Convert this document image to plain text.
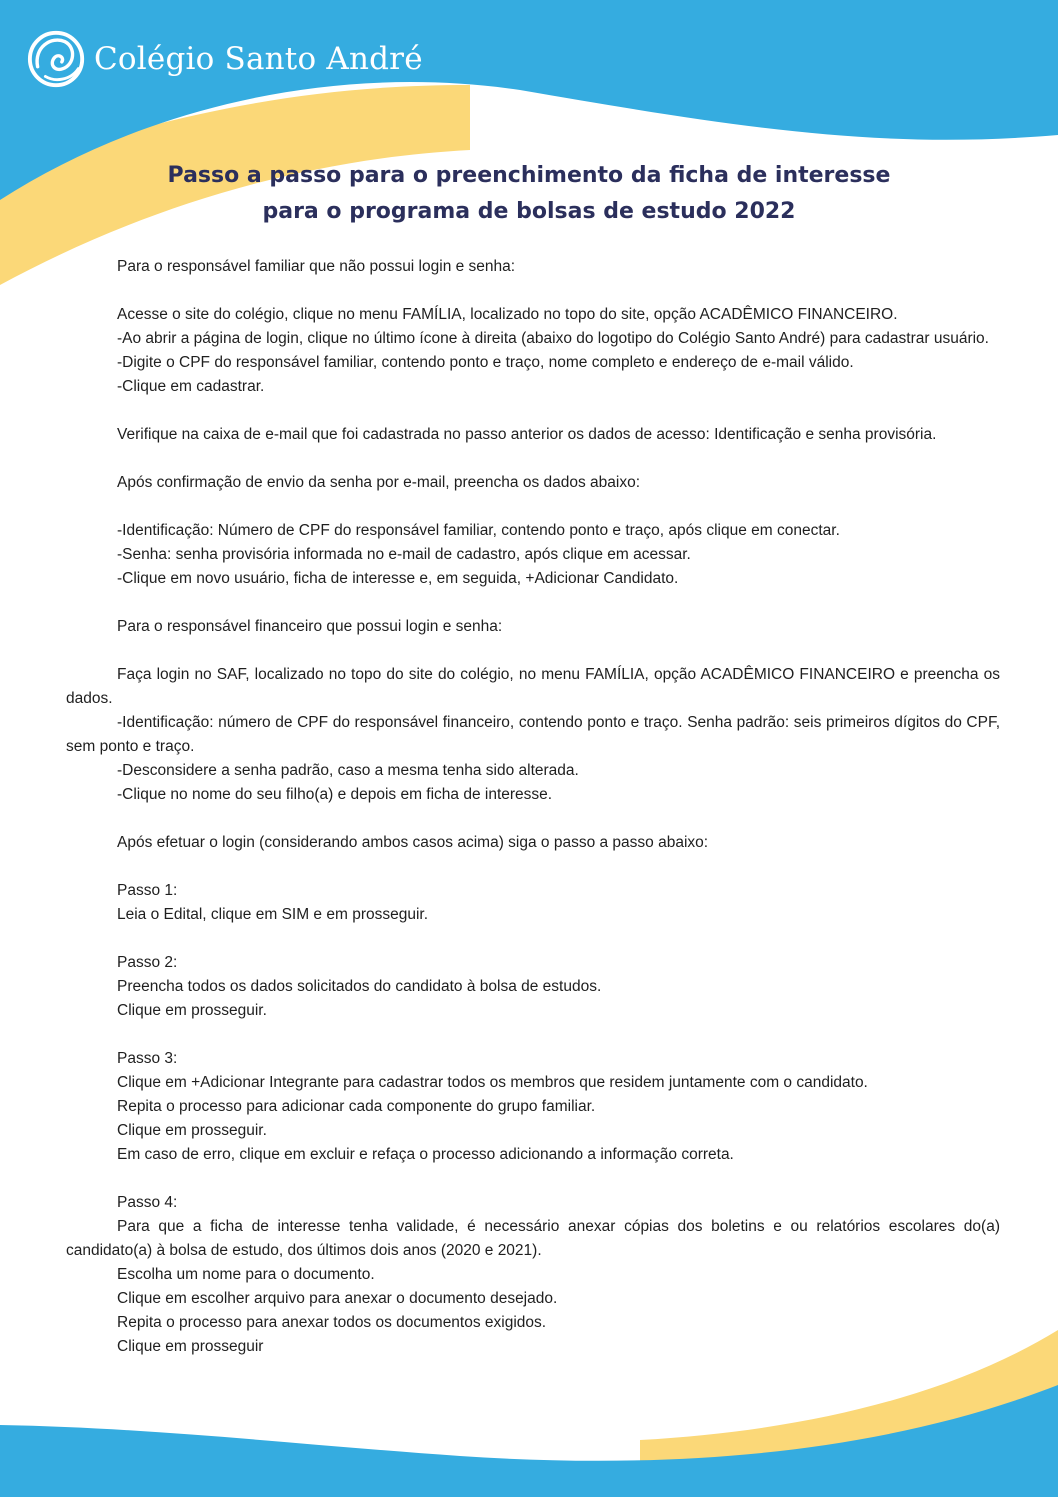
Colégio Santo André
Passo a passo para o preenchimento da ficha de interesse
para o programa de bolsas de estudo 2022

Para o responsável familiar que não possui login e senha:

Acesse o site do colégio, clique no menu FAMÍLIA, localizado no topo do site, opção ACADÊMICO FINANCEIRO.

-Ao abrir a página de login, clique no último ícone à direita (abaixo do logotipo do Colégio Santo André) para cadastrar usuário.

-Digite o CPF do responsável familiar, contendo ponto e traço, nome completo e endereço de e-mail válido.

-Clique em cadastrar.

Verifique na caixa de e-mail que foi cadastrada no passo anterior os dados de acesso: Identificação e senha provisória.

Após confirmação de envio da senha por e-mail, preencha os dados abaixo:

-Identificação: Número de CPF do responsável familiar, contendo ponto e traço, após clique em conectar.

-Senha: senha provisória informada no e-mail de cadastro, após clique em acessar.

-Clique em novo usuário, ficha de interesse e, em seguida, +Adicionar Candidato.

Para o responsável financeiro que possui login e senha:

Faça login no SAF, localizado no topo do site do colégio, no menu FAMÍLIA, opção ACADÊMICO FINANCEIRO e preencha os dados.

-Identificação: número de CPF do responsável financeiro, contendo ponto e traço. Senha padrão: seis primeiros dígitos do CPF, sem ponto e traço.

-Desconsidere a senha padrão, caso a mesma tenha sido alterada.

-Clique no nome do seu filho(a) e depois em ficha de interesse.

Após efetuar o login (considerando ambos casos acima) siga o passo a passo abaixo:

Passo 1:

Leia o Edital, clique em SIM e em prosseguir.

Passo 2:

Preencha todos os dados solicitados do candidato à bolsa de estudos.

Clique em prosseguir.

Passo 3:

Clique em +Adicionar Integrante para cadastrar todos os membros que residem juntamente com o candidato.

Repita o processo para adicionar cada componente do grupo familiar.

Clique em prosseguir.

Em caso de erro, clique em excluir e refaça o processo adicionando a informação correta.

Passo 4:

Para que a ficha de interesse tenha validade, é necessário anexar cópias dos boletins e ou relatórios escolares do(a) candidato(a) à bolsa de estudo, dos últimos dois anos (2020 e 2021).

Escolha um nome para o documento.

Clique em escolher arquivo para anexar o documento desejado.

Repita o processo para anexar todos os documentos exigidos.

Clique em prosseguir
